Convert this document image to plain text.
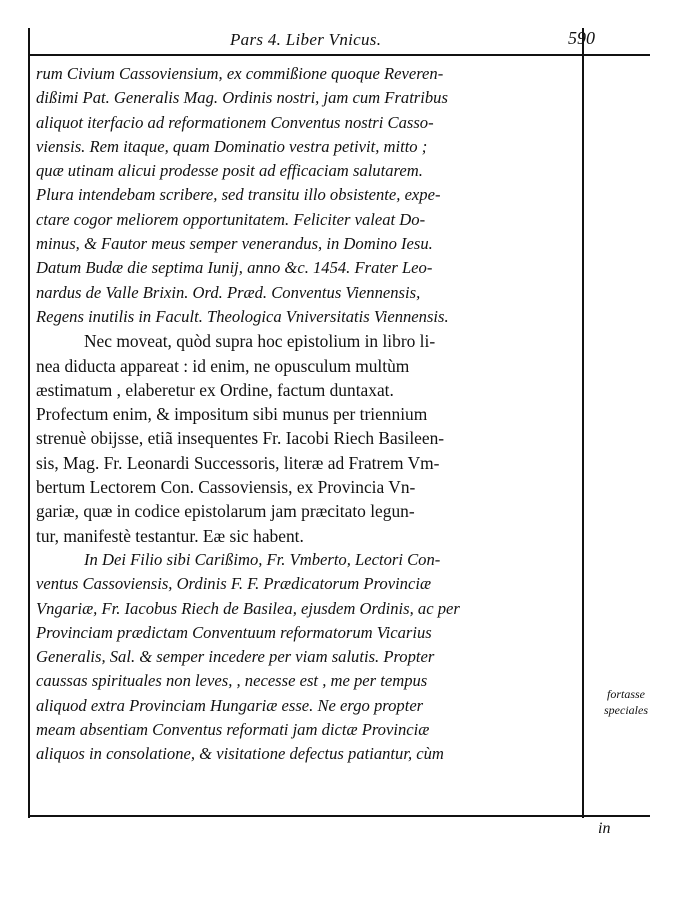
Pars 4. Liber Vnicus.	590
rum Civium Cassoviensium, ex commißione quoque Reveren-
dißimi Pat. Generalis Mag. Ordinis nostri, jam cum Fratribus
aliquot iterfacio ad reformationem Conventus nostri Casso-
viensis. Rem itaque, quam Dominatio vestra petivit, mitto ;
quæ utinam alicui prodesse posit ad efficaciam salutarem.
Plura intendebam scribere, sed transitu illo obsistente, expe-
ctare cogor meliorem opportunitatem. Feliciter valeat Do-
minus, & Fautor meus semper venerandus, in Domino Iesu.
Datum Budæ die septima Iunij, anno &c. 1454. Frater Leo-
nardus de Valle Brixin. Ord. Præd. Conventus Viennensis,
Regens inutilis in Facult. Theologica Vniversitatis Viennensis.
Nec moveat, quòd supra hoc epistolium in libro li-
nea diducta appareat : id enim, ne opusculum multùm
æstimatum , elaberetur ex Ordine, factum duntaxat.
Profectum enim, & impositum sibi munus per triennium
strenuè obijsse, etiã insequentes Fr. Iacobi Riech Basileen-
sis, Mag. Fr. Leonardi Successoris, literæ ad Fratrem Vm-
bertum Lectorem Con. Cassoviensis, ex Provincia Vn-
gariæ, quæ in codice epistolarum jam præcitato legun-
tur, manifestè testantur. Eæ sic habent.
In Dei Filio sibi Carißimo, Fr. Vmberto, Lectori Con-
ventus Cassoviensis, Ordinis F. F. Prædicatorum Provinciæ
Vngariæ, Fr. Iacobus Riech de Basilea, ejusdem Ordinis, ac per
Provinciam prædictam Conventuum reformatorum Vicarius
Generalis, Sal. & semper incedere per viam salutis. Propter
caussas spirituales non leves, , necesse est , me per tempus
aliquod extra Provinciam Hungariæ esse. Ne ergo propter
meam absentiam Conventus reformati jam dictæ Provinciæ
aliquos in consolatione, & visitatione defectus patiantur, cùm
fortasse
speciales
in
